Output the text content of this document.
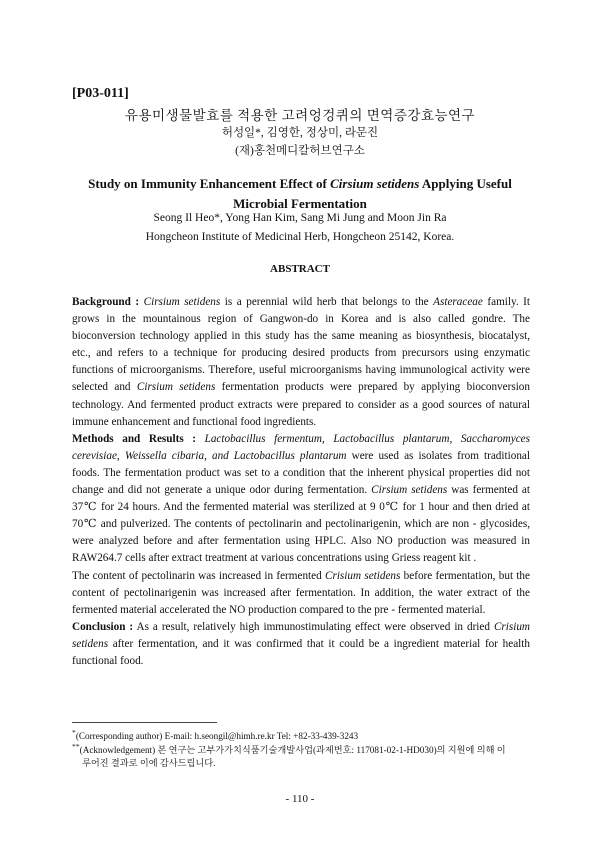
[P03-011]
유용미생물발효를 적용한 고려엉겅퀴의 면역증강효능연구
허성일*, 김영한, 정상미, 라문진
(재)홍천메디칼허브연구소
Study on Immunity Enhancement Effect of Cirsium setidens Applying Useful Microbial Fermentation
Seong Il Heo*, Yong Han Kim, Sang Mi Jung and Moon Jin Ra
Hongcheon Institute of Medicinal Herb, Hongcheon 25142, Korea.
ABSTRACT

Background : Cirsium setidens is a perennial wild herb that belongs to the Asteraceae family. It grows in the mountainous region of Gangwon-do in Korea and is also called gondre. The bioconversion technology applied in this study has the same meaning as biosynthesis, biocatalyst, etc., and refers to a technique for producing desired products from precursors using enzymatic functions of microorganisms. Therefore, useful microorganisms having immunological activity were selected and Cirsium setidens fermentation products were prepared by applying bioconversion technology. And fermented product extracts were prepared to consider as a good sources of natural immune enhancement and functional food ingredients.

Methods and Results : Lactobacillus fermentum, Lactobacillus plantarum, Saccharomyces cerevisiae, Weissella cibaria, and Lactobacillus plantarum were used as isolates from traditional foods. The fermentation product was set to a condition that the inherent physical properties did not change and did not generate a unique odor during fermentation. Cirsium setidens was fermented at 37℃ for 24 hours. And the fermented material was sterilized at 9 0℃ for 1 hour and then dried at 70℃ and pulverized. The contents of pectolinarin and pectolinarigenin, which are non - glycosides, were analyzed before and after fermentation using HPLC. Also NO production was measured in RAW264.7 cells after extract treatment at various concentrations using Griess reagent kit .

The content of pectolinarin was increased in fermented Crisium setidens before fermentation, but the content of pectolinarigenin was increased after fermentation. In addition, the water extract of the fermented material accelerated the NO production compared to the pre - fermented material.

Conclusion : As a result, relatively high immunostimulating effect were observed in dried Crisium setidens after fermentation, and it was confirmed that it could be a ingredient material for health functional food.

*(Corresponding author) E-mail: h.seongil@himh.re.kr Tel: +82-33-439-3243
**(Acknowledgement) 본 연구는 고부가가치식품기술개발사업(과제번호: 117081-02-1-HD030)의 지원에 의해 이
루어진 결과로 이에 감사드립니다.
- 110 -
